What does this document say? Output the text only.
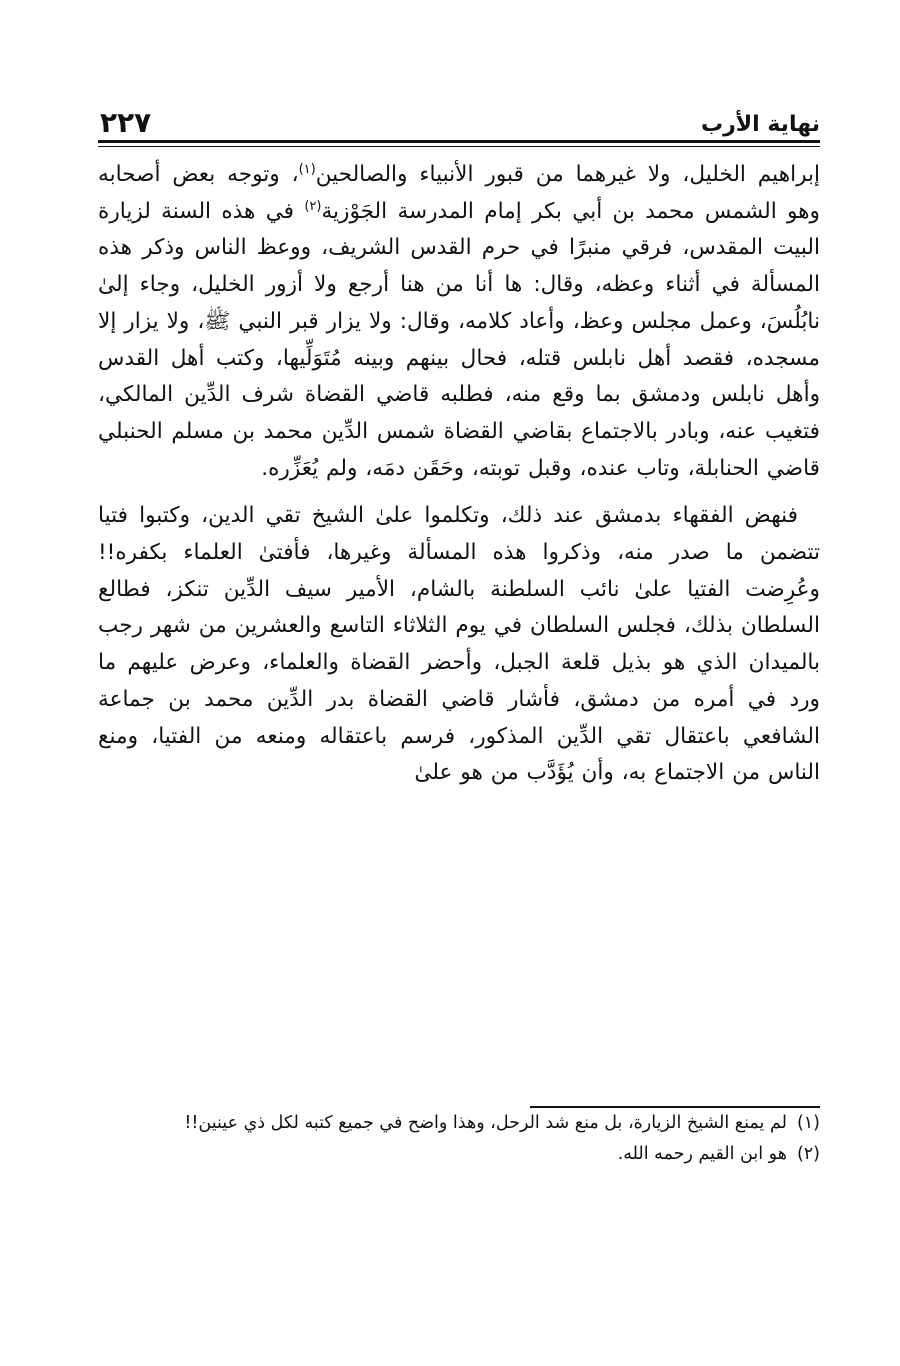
نهاية الأرب
٢٢٧

إبراهيم الخليل، ولا غيرهما من قبور الأنبياء والصالحين$^{(١)}$، وتوجه بعض أصحابه وهو الشمس محمد بن أبي بكر إمام المدرسة الجَوْزية$^{(٢)}$ في هذه السنة لزيارة البيت المقدس، فرقي منبرًا في حرم القدس الشريف، ووعظ الناس وذكر هذه المسألة في أثناء وعظه، وقال: ها أنا من هنا أرجع ولا أزور الخليل، وجاء إلىٰ نابُلُسَ، وعمل مجلس وعظ، وأعاد كلامه، وقال: ولا يزار قبر النبي ﷺ، ولا يزار إلا مسجده، فقصد أهل نابلس قتله، فحال بينهم وبينه مُتَوَلِّيها، وكتب أهل القدس وأهل نابلس ودمشق بما وقع منه، فطلبه قاضي القضاة شرف الدِّين المالكي، فتغيب عنه، وبادر بالاجتماع بقاضي القضاة شمس الدِّين محمد بن مسلم الحنبلي قاضي الحنابلة، وتاب عنده، وقبل توبته، وحَقَن دمَه، ولم يُعَزِّره.

فنهض الفقهاء بدمشق عند ذلك، وتكلموا علىٰ الشيخ تقي الدين، وكتبوا فتيا تتضمن ما صدر منه، وذكروا هذه المسألة وغيرها، فأفتىٰ العلماء بكفره!! وعُرِضت الفتيا علىٰ نائب السلطنة بالشام، الأمير سيف الدِّين تنكز، فطالع السلطان بذلك، فجلس السلطان في يوم الثلاثاء التاسع والعشرين من شهر رجب بالميدان الذي هو بذيل قلعة الجبل، وأحضر القضاة والعلماء، وعرض عليهم ما ورد في أمره من دمشق، فأشار قاضي القضاة بدر الدِّين محمد بن جماعة الشافعي باعتقال تقي الدِّين المذكور، فرسم باعتقاله ومنعه من الفتيا، ومنع الناس من الاجتماع به، وأن يُؤَدَّب من هو علىٰ

(١)
لم يمنع الشيخ الزيارة، بل منع شد الرحل، وهذا واضح في جميع كتبه لكل ذي عينين!!
(٢)
هو ابن القيم رحمه الله.
